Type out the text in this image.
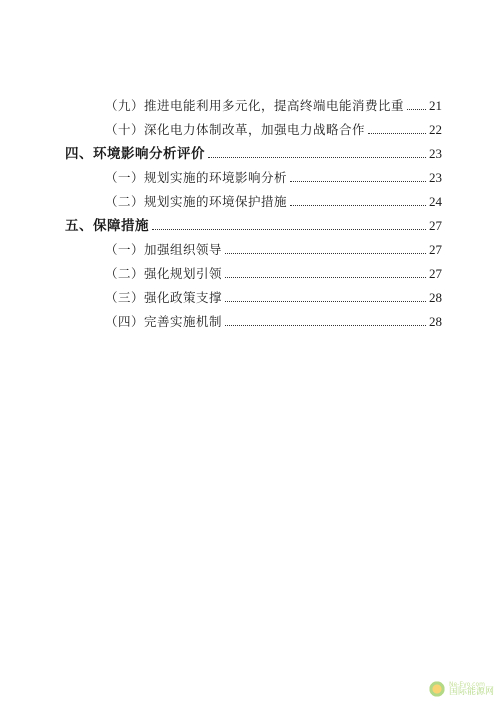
（九）推进电能利用多元化，提高终端电能消费比重 21
（十）深化电力体制改革，加强电力战略合作	22
四、环境影响分析评价	23
（一）规划实施的环境影响分析	23
（二）规划实施的环境保护措施	24
五、保障措施	27
（一）加强组织领导	27
（二）强化规划引领	27
（三）强化政策支撑	28
（四）完善实施机制	28
Ne-Eyo.com
国际能源网
